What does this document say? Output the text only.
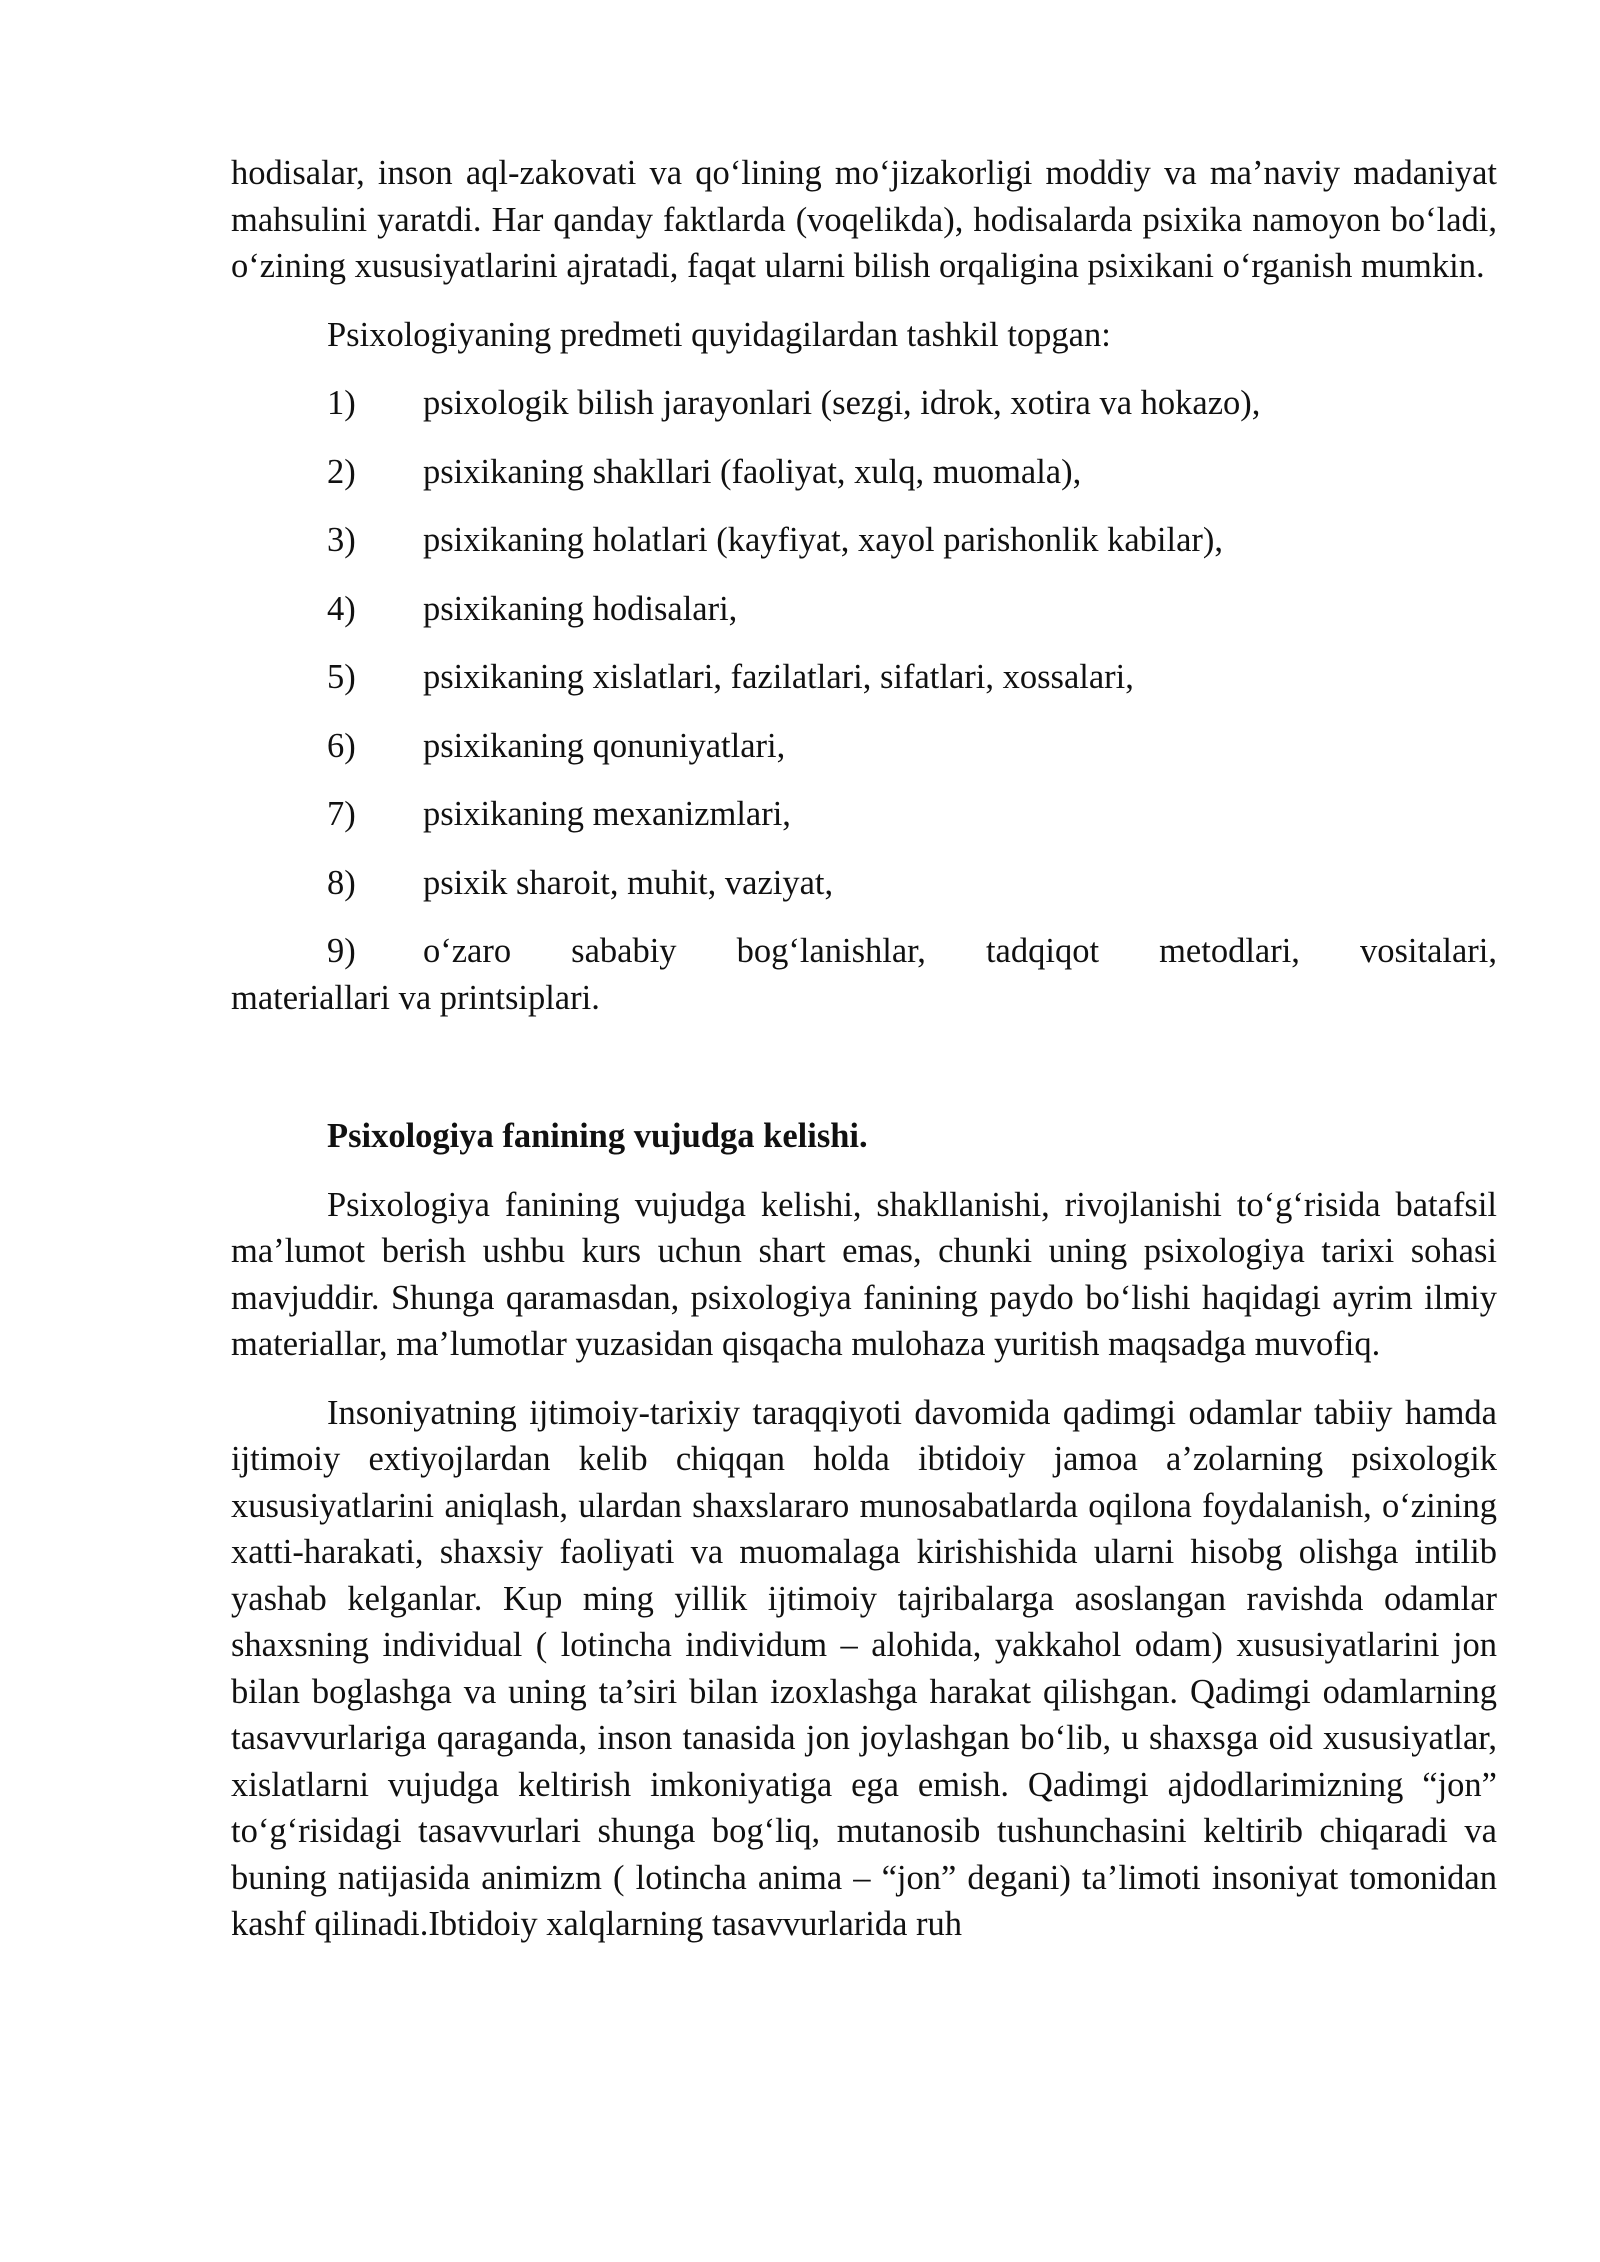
hodisalar, inson aql-zakovati va qo‘lining mo‘jizakorligi moddiy va ma’naviy madaniyat mahsulini yaratdi. Har qanday faktlarda (voqelikda), hodisalarda psixika namoyon bo‘ladi, o‘zining xususiyatlarini ajratadi, faqat ularni bilish orqaligina psixikani o‘rganish mumkin.

Psixologiyaning predmeti quyidagilardan tashkil topgan:

1)	psixologik bilish jarayonlari (sezgi, idrok, xotira va hokazo),
2)	psixikaning shakllari (faoliyat, xulq, muomala),
3)	psixikaning holatlari (kayfiyat, xayol parishonlik kabilar),
4)	psixikaning hodisalari,
5)	psixikaning xislatlari, fazilatlari, sifatlari, xossalari,
6)	psixikaning qonuniyatlari,
7)	psixikaning mexanizmlari,
8)	psixik sharoit, muhit, vaziyat,
9)	o‘zaro sababiy bog‘lanishlar, tadqiqot metodlari, vositalari,
materiallari va printsiplari.

Psixologiya fanining vujudga kelishi.

Psixologiya fanining vujudga kelishi, shakllanishi, rivojlanishi to‘g‘risida batafsil ma’lumot berish ushbu kurs uchun shart emas, chunki uning psixologiya tarixi sohasi mavjuddir. Shunga qaramasdan, psixologiya fanining paydo bo‘lishi haqidagi ayrim ilmiy materiallar, ma’lumotlar yuzasidan qisqacha mulohaza yuritish maqsadga muvofiq.

Insoniyatning ijtimoiy-tarixiy taraqqiyoti davomida qadimgi odamlar tabiiy hamda ijtimoiy extiyojlardan kelib chiqqan holda ibtidoiy jamoa a’zolarning psixologik xususiyatlarini aniqlash, ulardan shaxslararo munosabatlarda oqilona foydalanish, o‘zining xatti-harakati, shaxsiy faoliyati va muomalaga kirishishida ularni hisobg olishga intilib yashab kelganlar. Kup ming yillik ijtimoiy tajribalarga asoslangan ravishda odamlar shaxsning individual ( lotincha individum – alohida, yakkahol odam) xususiyatlarini jon bilan boglashga va uning ta’siri bilan izoxlashga harakat qilishgan. Qadimgi odamlarning tasavvurlariga qaraganda, inson tanasida jon joylashgan bo‘lib, u shaxsga oid xususiyatlar, xislatlarni vujudga keltirish imkoniyatiga ega emish. Qadimgi ajdodlarimizning “jon” to‘g‘risidagi tasavvurlari shunga bog‘liq, mutanosib tushunchasini keltirib chiqaradi va buning natijasida animizm ( lotincha anima – “jon” degani) ta’limoti insoniyat tomonidan kashf qilinadi.Ibtidoiy xalqlarning tasavvurlarida ruh
